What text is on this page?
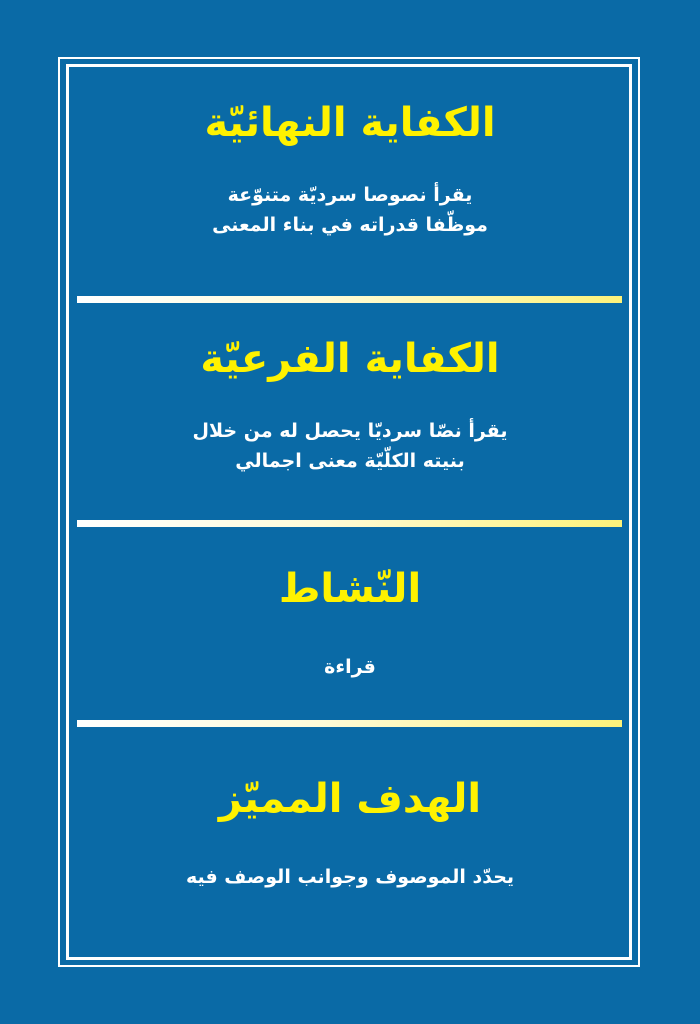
الكفاية النهائيّة
يقرأ نصوصا سرديّة متنوّعة
موظّفا قدراته في بناء المعنى
الكفاية الفرعيّة
يقرأ نصّا سرديّا يحصل له من خلال
بنيته الكلّيّة معنى اجمالي
النّشاط
قراءة
الهدف المميّز
يحدّد الموصوف وجوانب الوصف فيه
